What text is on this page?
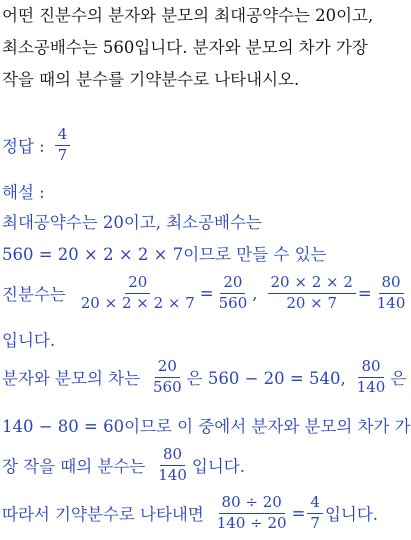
어떤 진분수의 분자와 분모의 최대공약수는 20이고,
최소공배수는 560입니다. 분자와 분모의 차가 가장
작을 때의 분수를 기약분수로 나타내시오.
정답 : $\frac{4}{7}$
해설 :
최대공약수는 20이고, 최소공배수는
560 = 20 × 2 × 2 × 7이므로 만들 수 있는
진분수는 $\frac{20}{20 \times 2 \times 2 \times 7} = \frac{20}{560}$ , $\frac{20 \times 2 \times 2}{20 \times 7} = \frac{80}{140}$
입니다.
분자와 분모의 차는 $\frac{20}{560}$ 은 560 − 20 = 540, $\frac{80}{140}$ 은
140 − 80 = 60이므로 이 중에서 분자와 분모의 차가 가
장 작을 때의 분수는 $\frac{80}{140}$ 입니다.
따라서 기약분수로 나타내면 $\frac{80 \div 20}{140 \div 20} = \frac{4}{7}$ 입니다.
